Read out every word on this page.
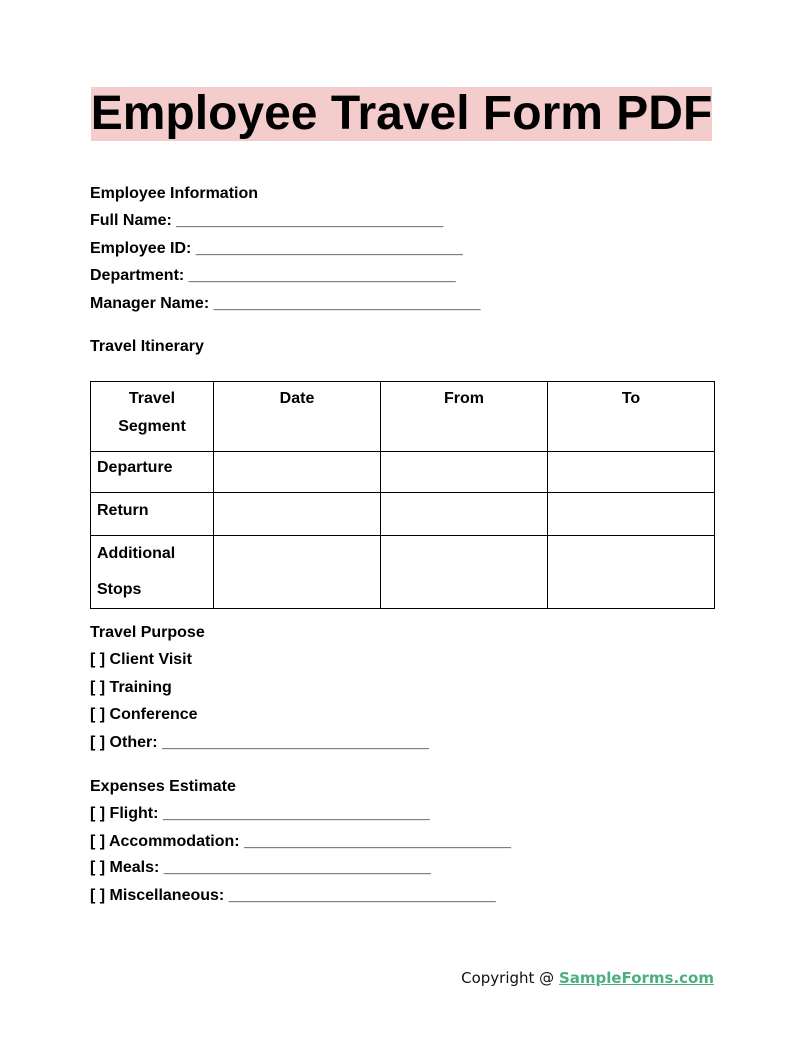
Employee Travel Form PDF
Employee Information
Full Name: ______________________________
Employee ID: ______________________________
Department: ______________________________
Manager Name: ______________________________
Travel Itinerary
Travel Segment	Date	From	To
Departure			
Return			
Additional Stops			
Travel Purpose
[ ] Client Visit
[ ] Training
[ ] Conference
[ ] Other: ______________________________
Expenses Estimate
[ ] Flight: ______________________________
[ ] Accommodation: ______________________________
[ ] Meals: ______________________________
[ ] Miscellaneous: ______________________________
Copyright @ SampleForms.com
